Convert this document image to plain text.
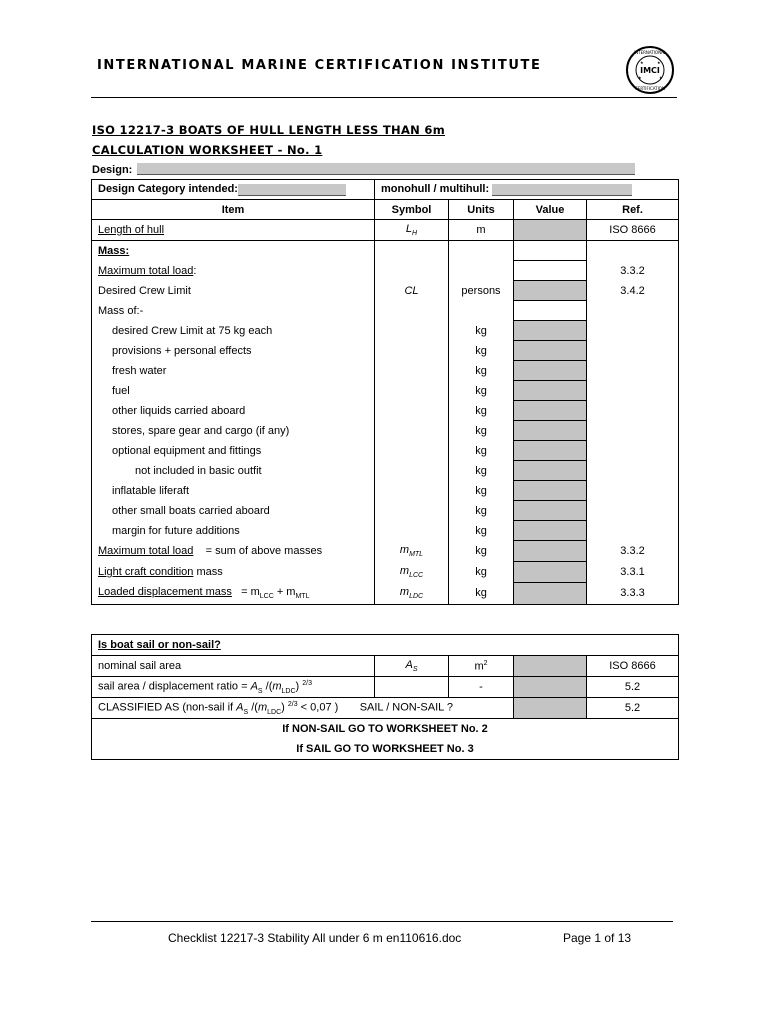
INTERNATIONAL MARINE CERTIFICATION INSTITUTE	IMCI
INTERNATIONAL
CERTIFICATION
★	★
★	★
ISO 12217-3 BOATS OF HULL LENGTH LESS THAN 6m
CALCULATION WORKSHEET - No. 1
Design:
Design Category intended:	monohull / multihull:			
Item	Symbol	Units	Value	Ref.
Length of hull	$L_H$	m		ISO 8666
Mass:				
Maximum total load:				3.3.2
Desired Crew Limit	CL	persons		3.4.2
Mass of:-				
desired Crew Limit at 75 kg each		kg		
provisions + personal effects		kg		
fresh water		kg		
fuel		kg		
other liquids carried aboard		kg		
stores, spare gear and cargo (if any)		kg		
optional equipment and fittings		kg		
not included in basic outfit		kg		
inflatable liferaft		kg		
other small boats carried aboard		kg		
margin for future additions		kg		
Maximum total load = sum of above masses	$m_{MTL}$	kg		3.3.2
Light craft condition mass	$m_{LCC}$	kg		3.3.1
Loaded displacement mass = $m_{LCC} + m_{MTL}$	$m_{LDC}$	kg		3.3.3
Is boat sail or non-sail?				
nominal sail area	$A_S$	$m^2$		ISO 8666
sail area / displacement ratio = $A_S$ $/(m_{LDC})$ $^{2/3}$		-		5.2
CLASSIFIED AS (non-sail if $A_S$ $/(m_{LDC}) ^{2/3} < 0,07$ ) SAIL / NON-SAIL ?				5.2

If NON-SAIL GO TO WORKSHEET No. 2
If SAIL GO TO WORKSHEET No. 3				
Checklist 12217-3 Stability All under 6 m en110616.doc	Page 1 of 13
